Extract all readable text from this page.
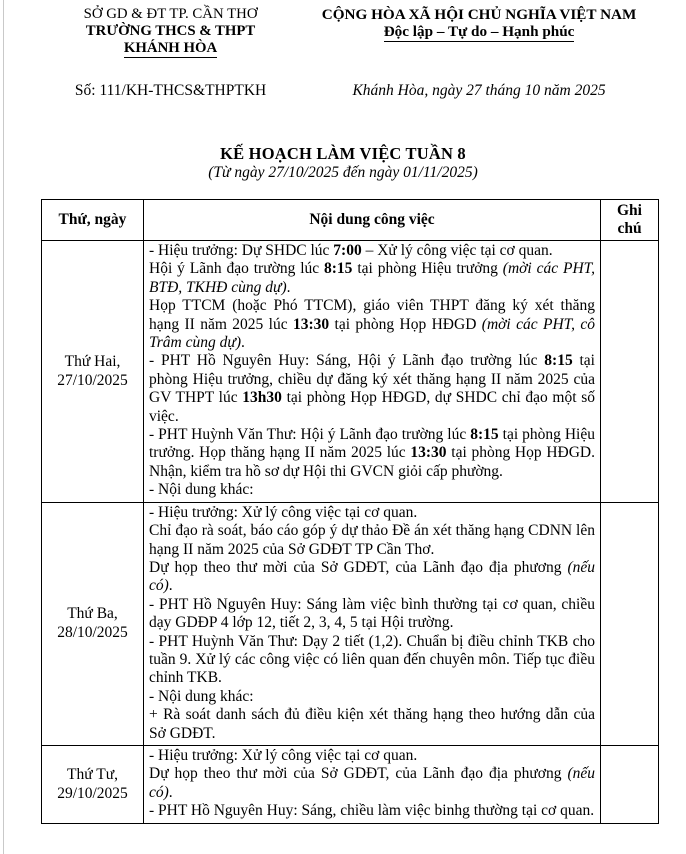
SỞ GD & ĐT TP. CẦN THƠ
TRƯỜNG THCS & THPT
KHÁNH HÒA
CỘNG HÒA XÃ HỘI CHỦ NGHĨA VIỆT NAM
Độc lập – Tự do – Hạnh phúc
Số: 111/KH-THCS&THPTKH	Khánh Hòa, ngày 27 tháng 10 năm 2025
KẾ HOẠCH LÀM VIỆC TUẦN 8
(Từ ngày 27/10/2025 đến ngày 01/11/2025)
Thứ, ngày	Nội dung công việc	Ghi chú

Thứ Hai,
27/10/2025

- Hiệu trưởng: Dự SHDC lúc 7:00 – Xử lý công việc tại cơ quan.
Hội ý Lãnh đạo trường lúc 8:15 tại phòng Hiệu trưởng (mời các PHT, BTĐ, TKHĐ cùng dự).
Họp TTCM (hoặc Phó TTCM), giáo viên THPT đăng ký xét thăng hạng II năm 2025 lúc 13:30 tại phòng Họp HĐGD (mời các PHT, cô Trâm cùng dự).
- PHT Hồ Nguyên Huy: Sáng, Hội ý Lãnh đạo trường lúc 8:15 tại phòng Hiệu trưởng, chiều dự đăng ký xét thăng hạng II năm 2025 của GV THPT lúc 13h30 tại phòng Họp HĐGD, dự SHDC chỉ đạo một số việc.
- PHT Huỳnh Văn Thư: Hội ý Lãnh đạo trường lúc 8:15 tại phòng Hiệu trưởng. Họp thăng hạng II năm 2025 lúc 13:30 tại phòng Họp HĐGD. Nhận, kiểm tra hồ sơ dự Hội thi GVCN giỏi cấp phường.
- Nội dung khác:

Thứ Ba,
28/10/2025

- Hiệu trưởng: Xử lý công việc tại cơ quan.
Chỉ đạo rà soát, báo cáo góp ý dự thảo Đề án xét thăng hạng CDNN lên hạng II năm 2025 của Sở GDĐT TP Cần Thơ.
Dự họp theo thư mời của Sở GDĐT, của Lãnh đạo địa phương (nếu có).
- PHT Hồ Nguyên Huy: Sáng làm việc bình thường tại cơ quan, chiều dạy GDĐP 4 lớp 12, tiết 2, 3, 4, 5 tại Hội trường.
- PHT Huỳnh Văn Thư: Dạy 2 tiết (1,2). Chuẩn bị điều chỉnh TKB cho tuần 9. Xử lý các công việc có liên quan đến chuyên môn. Tiếp tục điều chỉnh TKB.
- Nội dung khác:
+ Rà soát danh sách đủ điều kiện xét thăng hạng theo hướng dẫn của Sở GDĐT.

Thứ Tư,
29/10/2025

- Hiệu trưởng: Xử lý công việc tại cơ quan.
Dự họp theo thư mời của Sở GDĐT, của Lãnh đạo địa phương (nếu có).
- PHT Hồ Nguyên Huy: Sáng, chiều làm việc binhg thường tại cơ quan.
